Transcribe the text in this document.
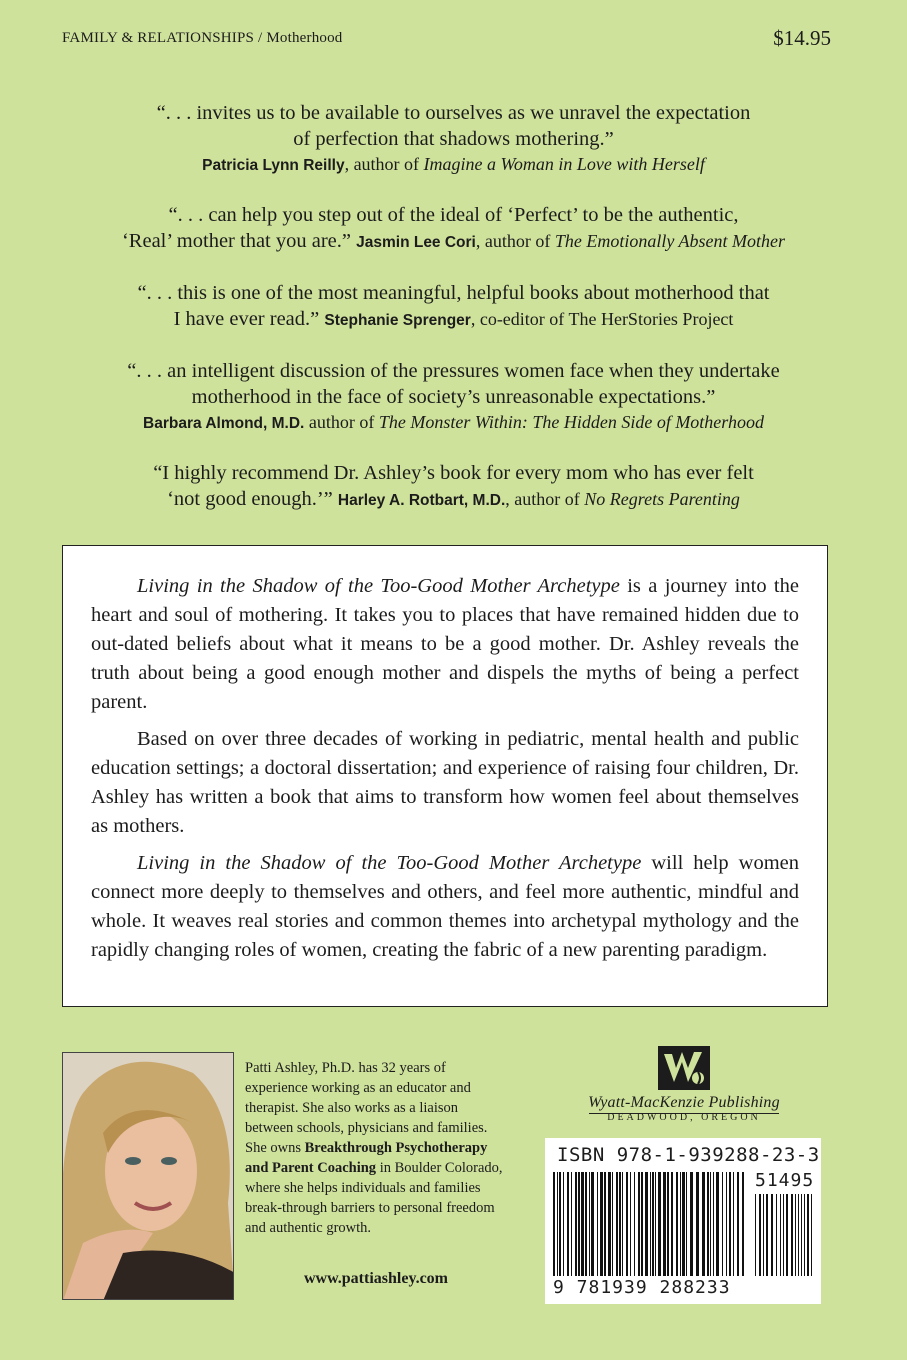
FAMILY & RELATIONSHIPS / Motherhood	$14.95
“. . . invites us to be available to ourselves as we unravel the expectation
of perfection that shadows mothering.”
Patricia Lynn Reilly, author of Imagine a Woman in Love with Herself
“. . . can help you step out of the ideal of ‘Perfect’ to be the authentic,
‘Real’ mother that you are.” Jasmin Lee Cori, author of The Emotionally Absent Mother
“. . . this is one of the most meaningful, helpful books about motherhood that
I have ever read.” Stephanie Sprenger, co-editor of The HerStories Project
“. . . an intelligent discussion of the pressures women face when they undertake
motherhood in the face of society’s unreasonable expectations.”
Barbara Almond, M.D. author of The Monster Within: The Hidden Side of Motherhood
“I highly recommend Dr. Ashley’s book for every mom who has ever felt
‘not good enough.’” Harley A. Rotbart, M.D., author of No Regrets Parenting

Living in the Shadow of the Too-Good Mother Archetype is a journey into the heart and soul of mothering. It takes you to places that have remained hidden due to out-dated beliefs about what it means to be a good mother. Dr. Ashley reveals the truth about being a good enough mother and dispels the myths of being a perfect parent.

Based on over three decades of working in pediatric, mental health and public education settings; a doctoral dissertation; and experience of raising four children, Dr. Ashley has written a book that aims to transform how women feel about themselves as mothers.

Living in the Shadow of the Too-Good Mother Archetype will help women connect more deeply to themselves and others, and feel more authentic, mindful and whole. It weaves real stories and common themes into archetypal mythology and the rapidly changing roles of women, creating the fabric of a new parenting paradigm.

Patti Ashley, Ph.D. has 32 years of experience working as an educator and therapist. She also works as a liaison between schools, physicians and families. She owns Breakthrough Psychotherapy and Parent Coaching in Boulder Colorado, where she helps individuals and families break-through barriers to personal freedom and authentic growth.
www.pattiashley.com
Wyatt-MacKenzie Publishing
DEADWOOD, OREGON
ISBN 978-1-939288-23-3
51495
9 781939 288233
